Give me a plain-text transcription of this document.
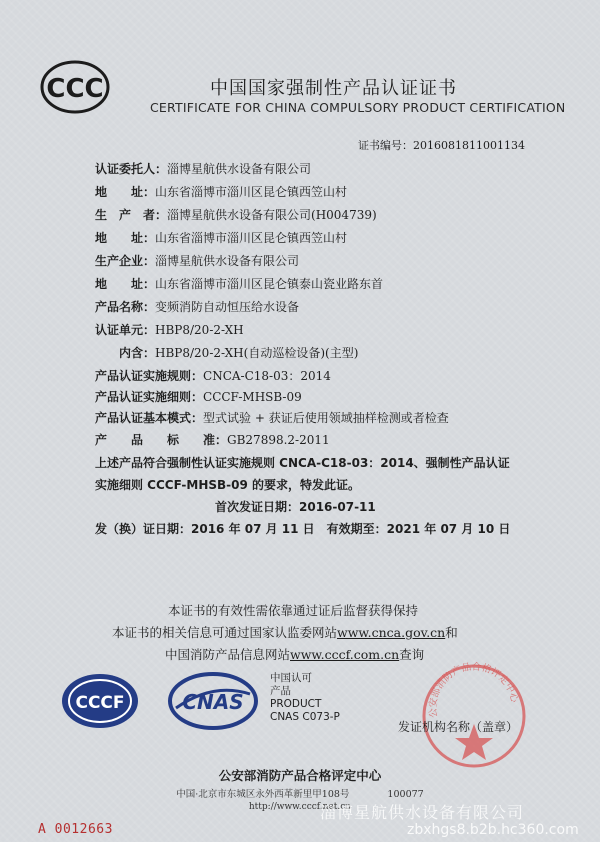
CCC	中国国家强制性产品认证证书
CERTIFICATE FOR CHINA COMPULSORY PRODUCT CERTIFICATION
证书编号：2016081811001134
认证委托人：淄博星航供水设备有限公司
地　　址：山东省淄博市淄川区昆仑镇西笠山村
生　产　者：淄博星航供水设备有限公司(H004739)
地　　址：山东省淄博市淄川区昆仑镇西笠山村
生产企业：淄博星航供水设备有限公司
地　　址：山东省淄博市淄川区昆仑镇泰山瓷业路东首
产品名称：变频消防自动恒压给水设备
认证单元：HBP8/20-2-XH
　　内含：HBP8/20-2-XH(自动巡检设备)(主型)
产品认证实施规则：CNCA-C18-03：2014
产品认证实施细则：CCCF-MHSB-09
产品认证基本模式：型式试验 + 获证后使用领域抽样检测或者检查
产　　品　　标　　准：GB27898.2-2011
上述产品符合强制性认证实施规则 CNCA-C18-03：2014、强制性产品认证
实施细则 CCCF-MHSB-09 的要求，特发此证。
首次发证日期：2016-07-11
发（换）证日期：2016 年 07 月 11 日　有效期至：2021 年 07 月 10 日
本证书的有效性需依靠通过证后监督获得保持
本证书的相关信息可通过国家认监委网站www.cnca.gov.cn和
中国消防产品信息网站www.cccf.com.cn查询
CCCF	CNAS
中国认可
产品
PRODUCT
CNAS C073-P	公安部消防产品合格评定中心
发证机构名称（盖章）
公安部消防产品合格评定中心
中国·北京市东城区永外西革新里甲108号　　　　100077
http://www.cccf.net.cn
A 0012663
淄博星航供水设备有限公司
zbxhgs8.b2b.hc360.com
